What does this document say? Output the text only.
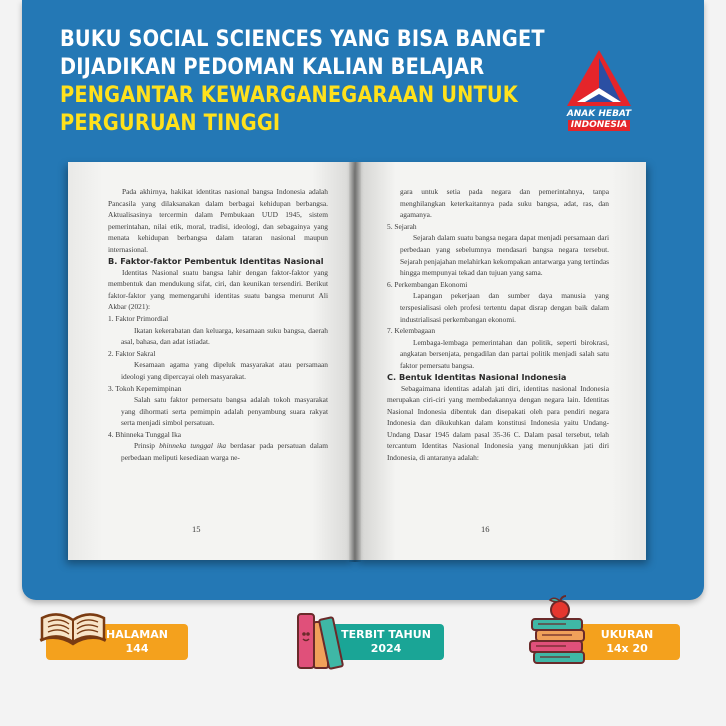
BUKU SOCIAL SCIENCES YANG BISA BANGET
DIJADIKAN PEDOMAN KALIAN BELAJAR
PENGANTAR KEWARGANEGARAAN UNTUK
PERGURUAN TINGGI	ANAK HEBAT
INDONESIA

Pada akhirnya, hakikat identitas nasional bangsa Indonesia adalah Pancasila yang dilaksanakan dalam berbagai kehidupan berbangsa. Aktualisasinya tercermin dalam Pembukaan UUD 1945, sistem pemerintahan, nilai etik, moral, tradisi, ideologi, dan sebagainya yang menata kehidupan berbangsa dalam tataran nasional maupun internasional.

B. Faktor-faktor Pembentuk Identitas Nasional

Identitas Nasional suatu bangsa lahir dengan faktor-faktor yang membentuk dan mendukung sifat, ciri, dan keunikan tersendiri. Berikut faktor-faktor yang memengaruhi identitas suatu bangsa menurut Ali Akbar (2021):

1. Faktor Primordial

Ikatan kekerabatan dan keluarga, kesamaan suku bangsa, daerah asal, bahasa, dan adat istiadat.

2. Faktor Sakral

Kesamaan agama yang dipeluk masyarakat atau persamaan ideologi yang dipercayai oleh masyarakat.

3. Tokoh Kepemimpinan

Salah satu faktor pemersatu bangsa adalah tokoh masyarakat yang dihormati serta pemimpin adalah penyambung suara rakyat serta menjadi simbol persatuan.

4. Bhinneka Tunggal Ika

Prinsip bhinneka tunggal ika berdasar pada persatuan dalam perbedaan meliputi kesediaan warga ne-

15

gara untuk setia pada negara dan pemerintahnya, tanpa menghilangkan keterkaitannya pada suku bangsa, adat, ras, dan agamanya.

5. Sejarah

Sejarah dalam suatu bangsa negara dapat menjadi persamaan dari perbedaan yang sebelumnya mendasari bangsa negara tersebut. Sejarah penjajahan melahirkan kekompakan antarwarga yang tertindas hingga mempunyai tekad dan tujuan yang sama.

6. Perkembangan Ekonomi

Lapangan pekerjaan dan sumber daya manusia yang terspesialisasi oleh profesi tertentu dapat disrap dengan baik dalam industrialisasi perkembangan ekonomi.

7. Kelembagaan

Lembaga-lembaga pemerintahan dan politik, seperti birokrasi, angkatan bersenjata, pengadilan dan partai politik menjadi salah satu faktor pemersatu bangsa.

C. Bentuk Identitas Nasional Indonesia

Sebagaimana identitas adalah jati diri, identitas nasional Indonesia merupakan ciri-ciri yang membedakannya dengan negara lain. Identitas Nasional Indonesia dibentuk dan disepakati oleh para pendiri negara Indonesia dan dikukuhkan dalam konstitusi Indonesia yaitu Undang-Undang Dasar 1945 dalam pasal 35-36 C. Dalam pasal tersebut, telah tercantum Identitas Nasional Indonesia yang menunjukkan jati diri Indonesia, di antaranya adalah:

16
HALAMAN
144
TERBIT TAHUN
2024
UKURAN
14x 20
